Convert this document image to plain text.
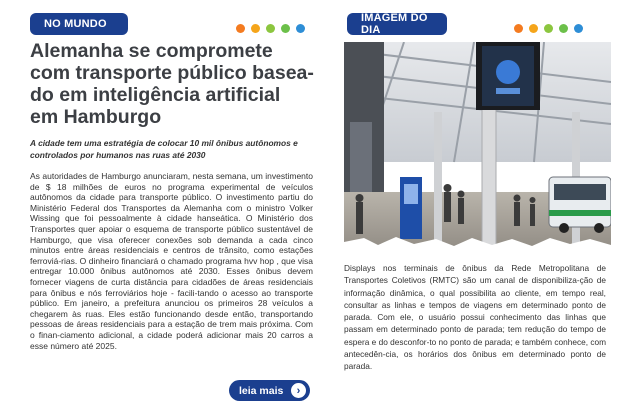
NO MUNDO
Alemanha se compromete
com transporte público basea-
do em inteligência artificial
em Hamburgo

A cidade tem uma estratégia de colocar 10 mil ônibus autônomos e controlados por humanos nas ruas até 2030

As autoridades de Hamburgo anunciaram, nesta semana, um investimento de $ 18 milhões de euros no programa experimental de veículos autônomos da cidade para transporte público. O investimento partiu do Ministério Federal dos Transportes da Alemanha com o ministro Volker Wissing que foi pessoalmente à cidade hanseática. O Ministério dos Transportes quer apoiar o esquema de transporte público sustentável de Hamburgo, que visa oferecer conexões sob demanda a cada cinco minutos entre áreas residenciais e centros de trânsito, como estações ferroviá-rias. O dinheiro financiará o chamado programa hvv hop , que visa entregar 10.000 ônibus autônomos até 2030. Esses ônibus devem fornecer viagens de curta distância para cidadões de áreas residenciais para ônibus e nós ferroviários hoje - facili-tando o acesso ao transporte público. Em janeiro, a prefeitura anunciou os primeiros 28 veículos a chegarem às ruas. Eles estão funcionando desde então, transportando pessoas de áreas residenciais para a estação de trem mais próxima. Com o finan-ciamento adicional, a cidade poderá adicionar mais 20 carros a esse número até 2025.

leia mais	›
IMAGEM DO DIA

Displays nos terminais de ônibus da Rede Metropolitana de Transportes Coletivos (RMTC) são um canal de disponibiliza-ção de informação dinâmica, o qual possibilita ao cliente, em tempo real, consultar as linhas e tempos de viagens em determinado ponto de parada. Com ele, o usuário possui conhecimento das linhas que passam em determinado ponto de parada; tem redução do tempo de espera e do desconfor-to no ponto de parada; e também conhece, com antecedên-cia, os horários dos ônibus em determinado ponto de parada.
